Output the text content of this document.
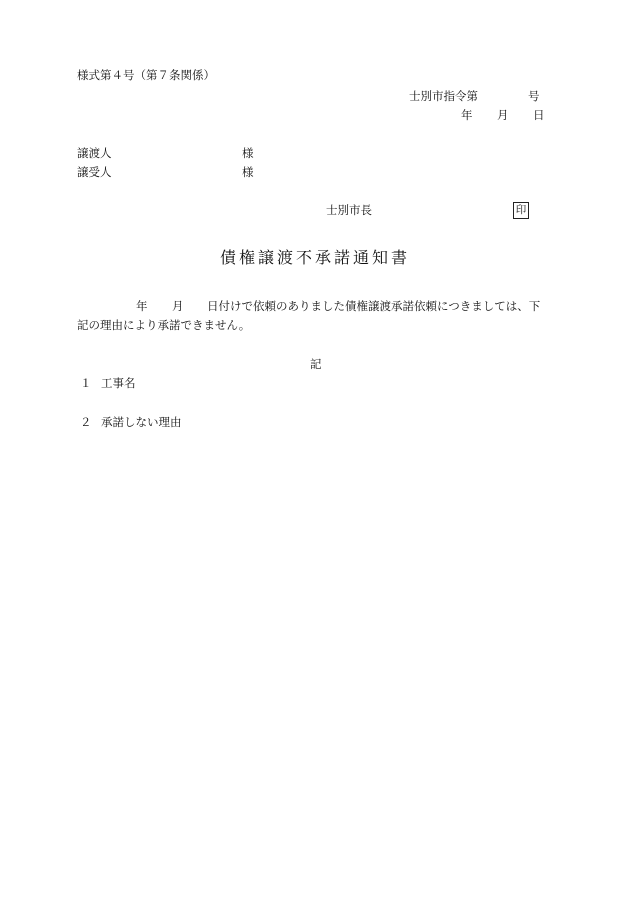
様式第４号（第７条関係）
士別市指令第	号
年 月 日
譲渡人	様
譲受人	様
士別市長	印
債権譲渡不承諾通知書
年 月 日付けで依頼のありました債権譲渡承諾依頼につきましては、下
記の理由により承諾できません。
記
１ 工事名
２ 承諾しない理由
